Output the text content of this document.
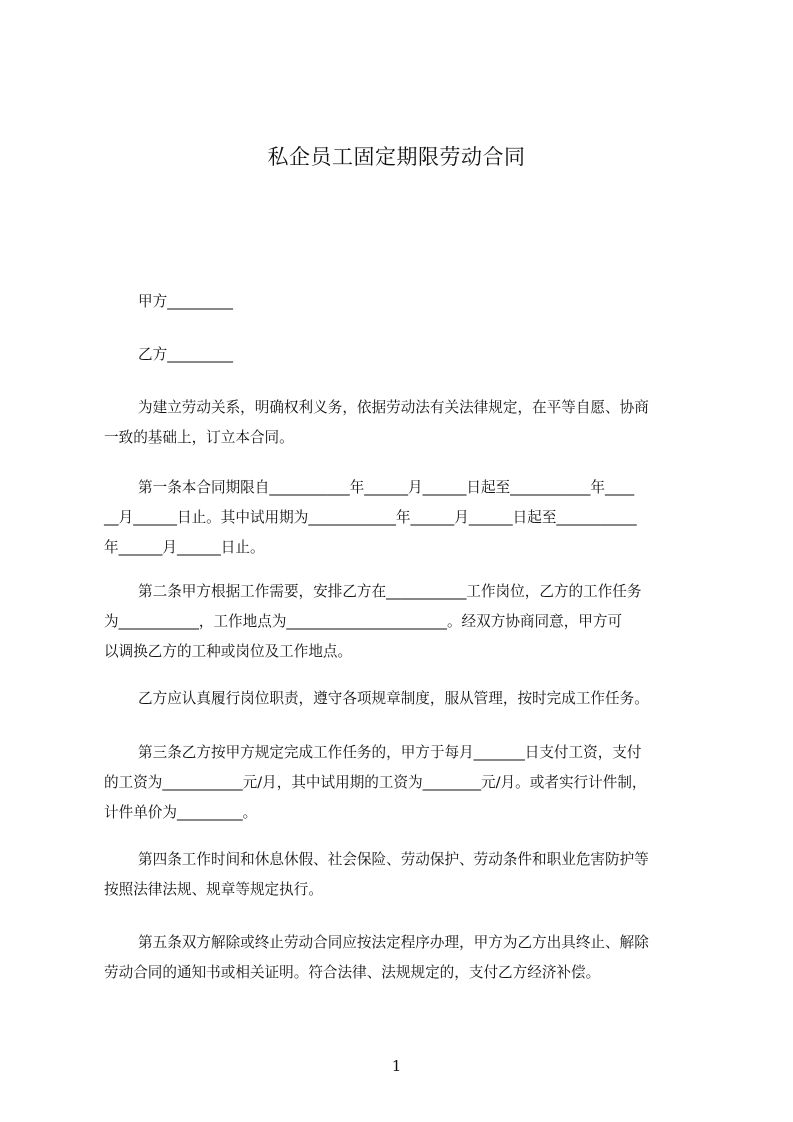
私企员工固定期限劳动合同
甲方_________
乙方_________
为建立劳动关系，明确权利义务，依据劳动法有关法律规定，在平等自愿、协商
一致的基础上，订立本合同。
第一条本合同期限自___________年______月______日起至___________年____
__月______日止。其中试用期为____________年______月______日起至___________
年______月______日止。
第二条甲方根据工作需要，安排乙方在___________工作岗位，乙方的工作任务
为___________，工作地点为______________________。经双方协商同意，甲方可
以调换乙方的工种或岗位及工作地点。
乙方应认真履行岗位职责，遵守各项规章制度，服从管理，按时完成工作任务。
第三条乙方按甲方规定完成工作任务的，甲方于每月_______日支付工资，支付
的工资为___________元/月，其中试用期的工资为________元/月。或者实行计件制，
计件单价为_________。
第四条工作时间和休息休假、社会保险、劳动保护、劳动条件和职业危害防护等
按照法律法规、规章等规定执行。
第五条双方解除或终止劳动合同应按法定程序办理，甲方为乙方出具终止、解除
劳动合同的通知书或相关证明。符合法律、法规规定的，支付乙方经济补偿。
1
